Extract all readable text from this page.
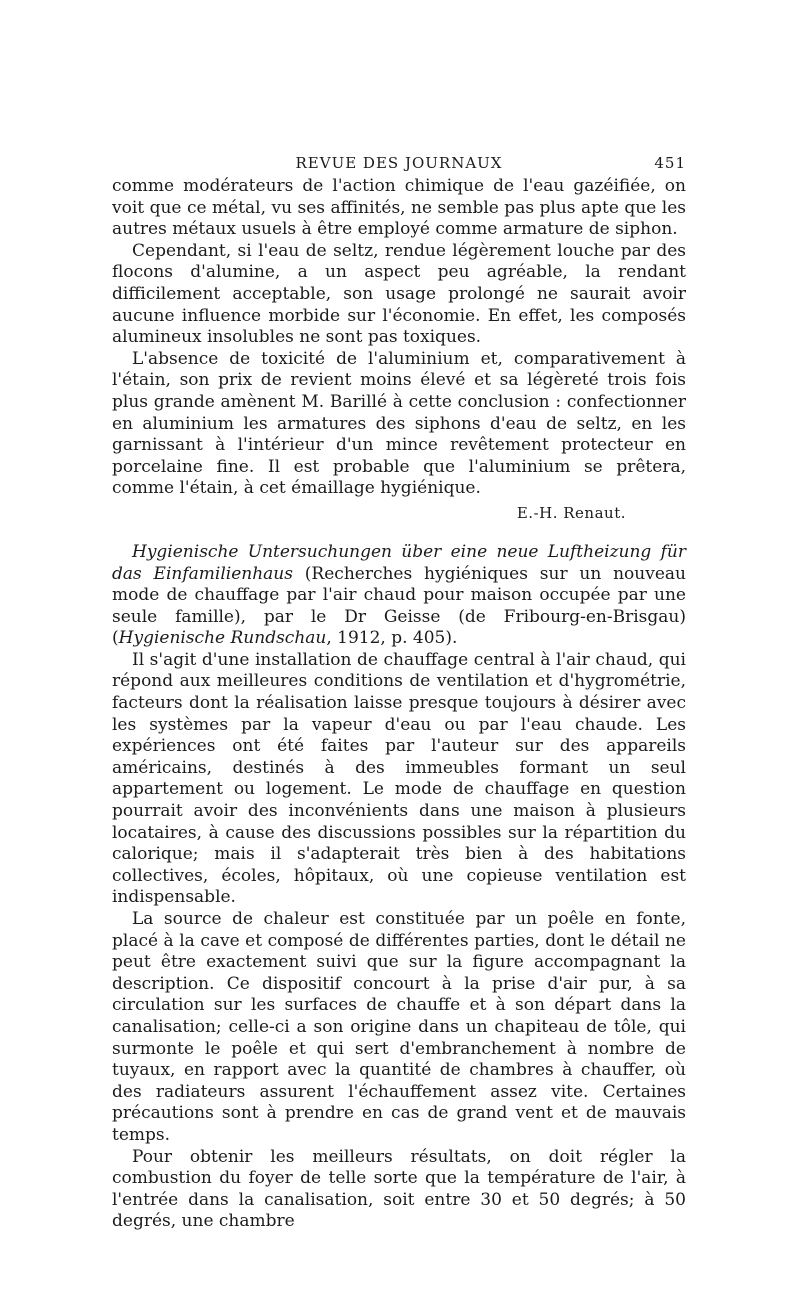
REVUE DES JOURNAUX	451

comme modérateurs de l'action chimique de l'eau gazéifiée, on voit que ce métal, vu ses affinités, ne semble pas plus apte que les autres métaux usuels à être employé comme armature de siphon.

Cependant, si l'eau de seltz, rendue légèrement louche par des flocons d'alumine, a un aspect peu agréable, la rendant difficilement acceptable, son usage prolongé ne saurait avoir aucune influence morbide sur l'économie. En effet, les composés alumineux insolubles ne sont pas toxiques.

L'absence de toxicité de l'aluminium et, comparativement à l'étain, son prix de revient moins élevé et sa légèreté trois fois plus grande amènent M. Barillé à cette conclusion : confectionner en aluminium les armatures des siphons d'eau de seltz, en les garnissant à l'intérieur d'un mince revêtement protecteur en porcelaine fine. Il est probable que l'aluminium se prêtera, comme l'étain, à cet émaillage hygiénique.

E.-H. Renaut.

Hygienische Untersuchungen über eine neue Luftheizung für das Einfamilienhaus (Recherches hygiéniques sur un nouveau mode de chauffage par l'air chaud pour maison occupée par une seule famille), par le Dr Geisse (de Fribourg-en-Brisgau) (Hygienische Rundschau, 1912, p. 405).

Il s'agit d'une installation de chauffage central à l'air chaud, qui répond aux meilleures conditions de ventilation et d'hygrométrie, facteurs dont la réalisation laisse presque toujours à désirer avec les systèmes par la vapeur d'eau ou par l'eau chaude. Les expériences ont été faites par l'auteur sur des appareils américains, destinés à des immeubles formant un seul appartement ou logement. Le mode de chauffage en question pourrait avoir des inconvénients dans une maison à plusieurs locataires, à cause des discussions possibles sur la répartition du calorique; mais il s'adapterait très bien à des habitations collectives, écoles, hôpitaux, où une copieuse ventilation est indispensable.

La source de chaleur est constituée par un poêle en fonte, placé à la cave et composé de différentes parties, dont le détail ne peut être exactement suivi que sur la figure accompagnant la description. Ce dispositif concourt à la prise d'air pur, à sa circulation sur les surfaces de chauffe et à son départ dans la canalisation; celle-ci a son origine dans un chapiteau de tôle, qui surmonte le poêle et qui sert d'embranchement à nombre de tuyaux, en rapport avec la quantité de chambres à chauffer, où des radiateurs assurent l'échauffement assez vite. Certaines précautions sont à prendre en cas de grand vent et de mauvais temps.

Pour obtenir les meilleurs résultats, on doit régler la combustion du foyer de telle sorte que la température de l'air, à l'entrée dans la canalisation, soit entre 30 et 50 degrés; à 50 degrés, une chambre
